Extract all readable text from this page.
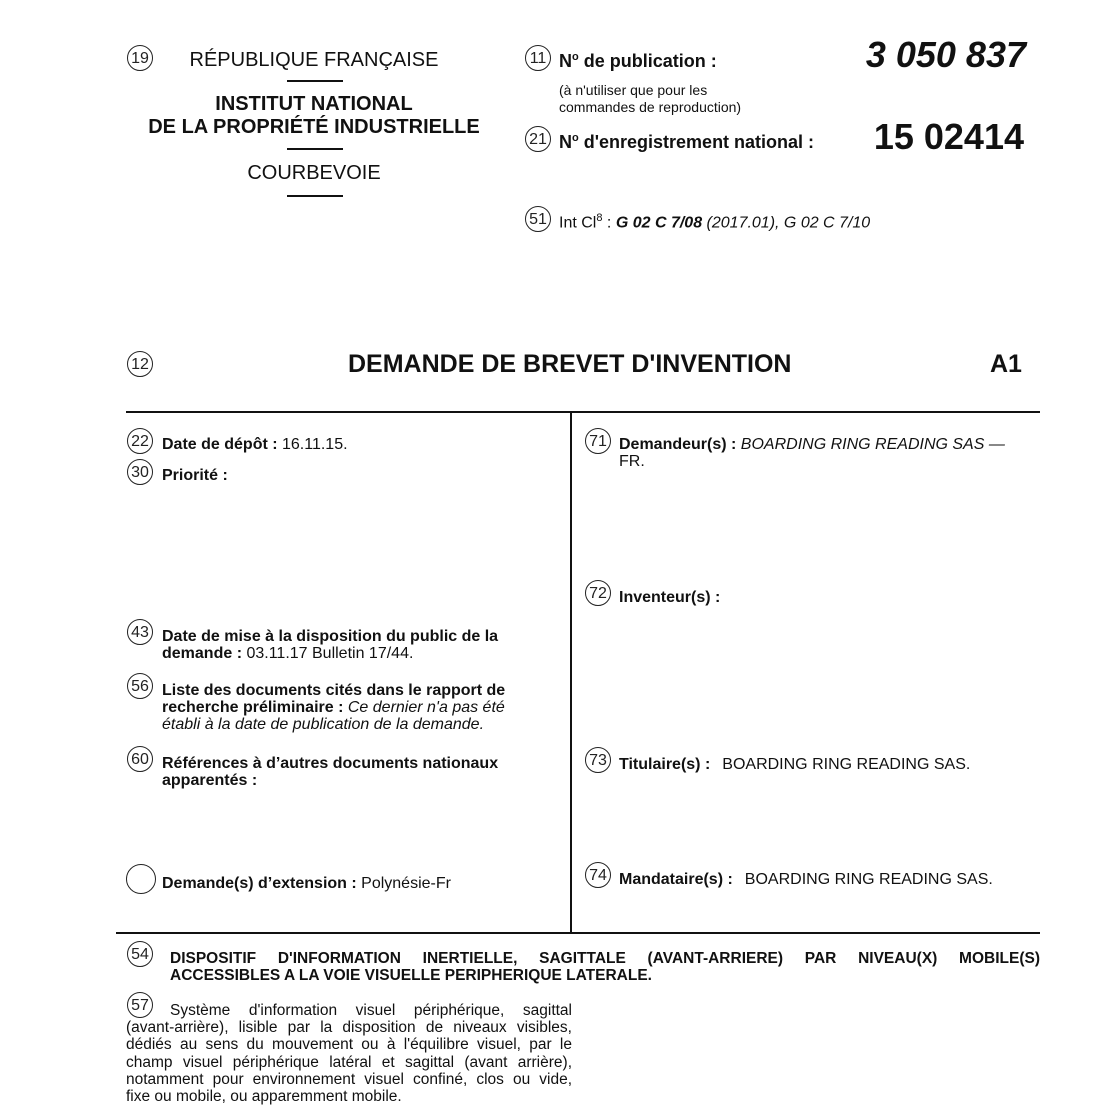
19	RÉPUBLIQUE FRANÇAISE
INSTITUT NATIONAL
DE LA PROPRIÉTÉ INDUSTRIELLE
COURBEVOIE
11 $N^o$ de publication :
(à n'utiliser que pour les
commandes de reproduction)
3 050 837
21 $N^o$ d'enregistrement national : 15 02414
51 Int Cl$^8$ : G 02 C 7/08 (2017.01), G 02 C 7/10
12	DEMANDE DE BREVET D'INVENTION	A1
22 Date de dépôt : 16.11.15.
30 Priorité :
43 Date de mise à la disposition du public de la
demande : 03.11.17 Bulletin 17/44.
56 Liste des documents cités dans le rapport de
recherche préliminaire : Ce dernier n'a pas été
établi à la date de publication de la demande.
60 Références à d’autres documents nationaux
apparentés :
Demande(s) d’extension : Polynésie-Fr
71 Demandeur(s) : BOARDING RING READING SAS —
FR.
72 Inventeur(s) :
73 Titulaire(s) : BOARDING RING READING SAS.
74 Mandataire(s) : BOARDING RING READING SAS.
54 DISPOSITIF D'INFORMATION INERTIELLE, SAGITTALE (AVANT-ARRIERE) PAR NIVEAU(X) MOBILE(S)
ACCESSIBLES A LA VOIE VISUELLE PERIPHERIQUE LATERALE.
57	Système d'information visuel périphérique, sagittal
(avant-arrière), lisible par la disposition de niveaux visibles,
dédiés au sens du mouvement ou à l'équilibre visuel, par le
champ visuel périphérique latéral et sagittal (avant arrière),
notamment pour environnement visuel confiné, clos ou vide,
fixe ou mobile, ou apparemment mobile.
